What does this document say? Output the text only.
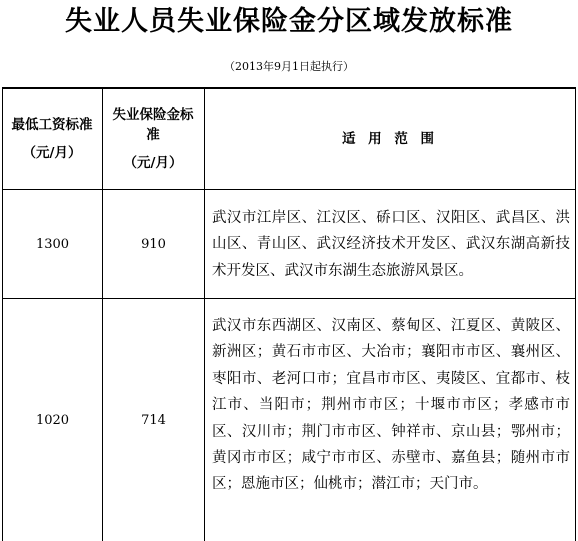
失业人员失业保险金分区域发放标准
（2013年9月1日起执行）
最低工资标准
（元/月）
失业保险金标准
（元/月）
适 用 范 围
1300	910
武汉市江岸区、江汉区、硚口区、汉阳区、武昌区、洪山区、青山区、武汉经济技术开发区、武汉东湖高新技术开发区、武汉市东湖生态旅游风景区。
1020	714
武汉市东西湖区、汉南区、蔡甸区、江夏区、黄陂区、新洲区；黄石市市区、大冶市；襄阳市市区、襄州区、枣阳市、老河口市；宜昌市市区、夷陵区、宜都市、枝江市、当阳市；荆州市市区；十堰市市区；孝感市市区、汉川市；荆门市市区、钟祥市、京山县；鄂州市；黄冈市市区；咸宁市市区、赤壁市、嘉鱼县；随州市市区；恩施市区；仙桃市；潜江市；天门市。
